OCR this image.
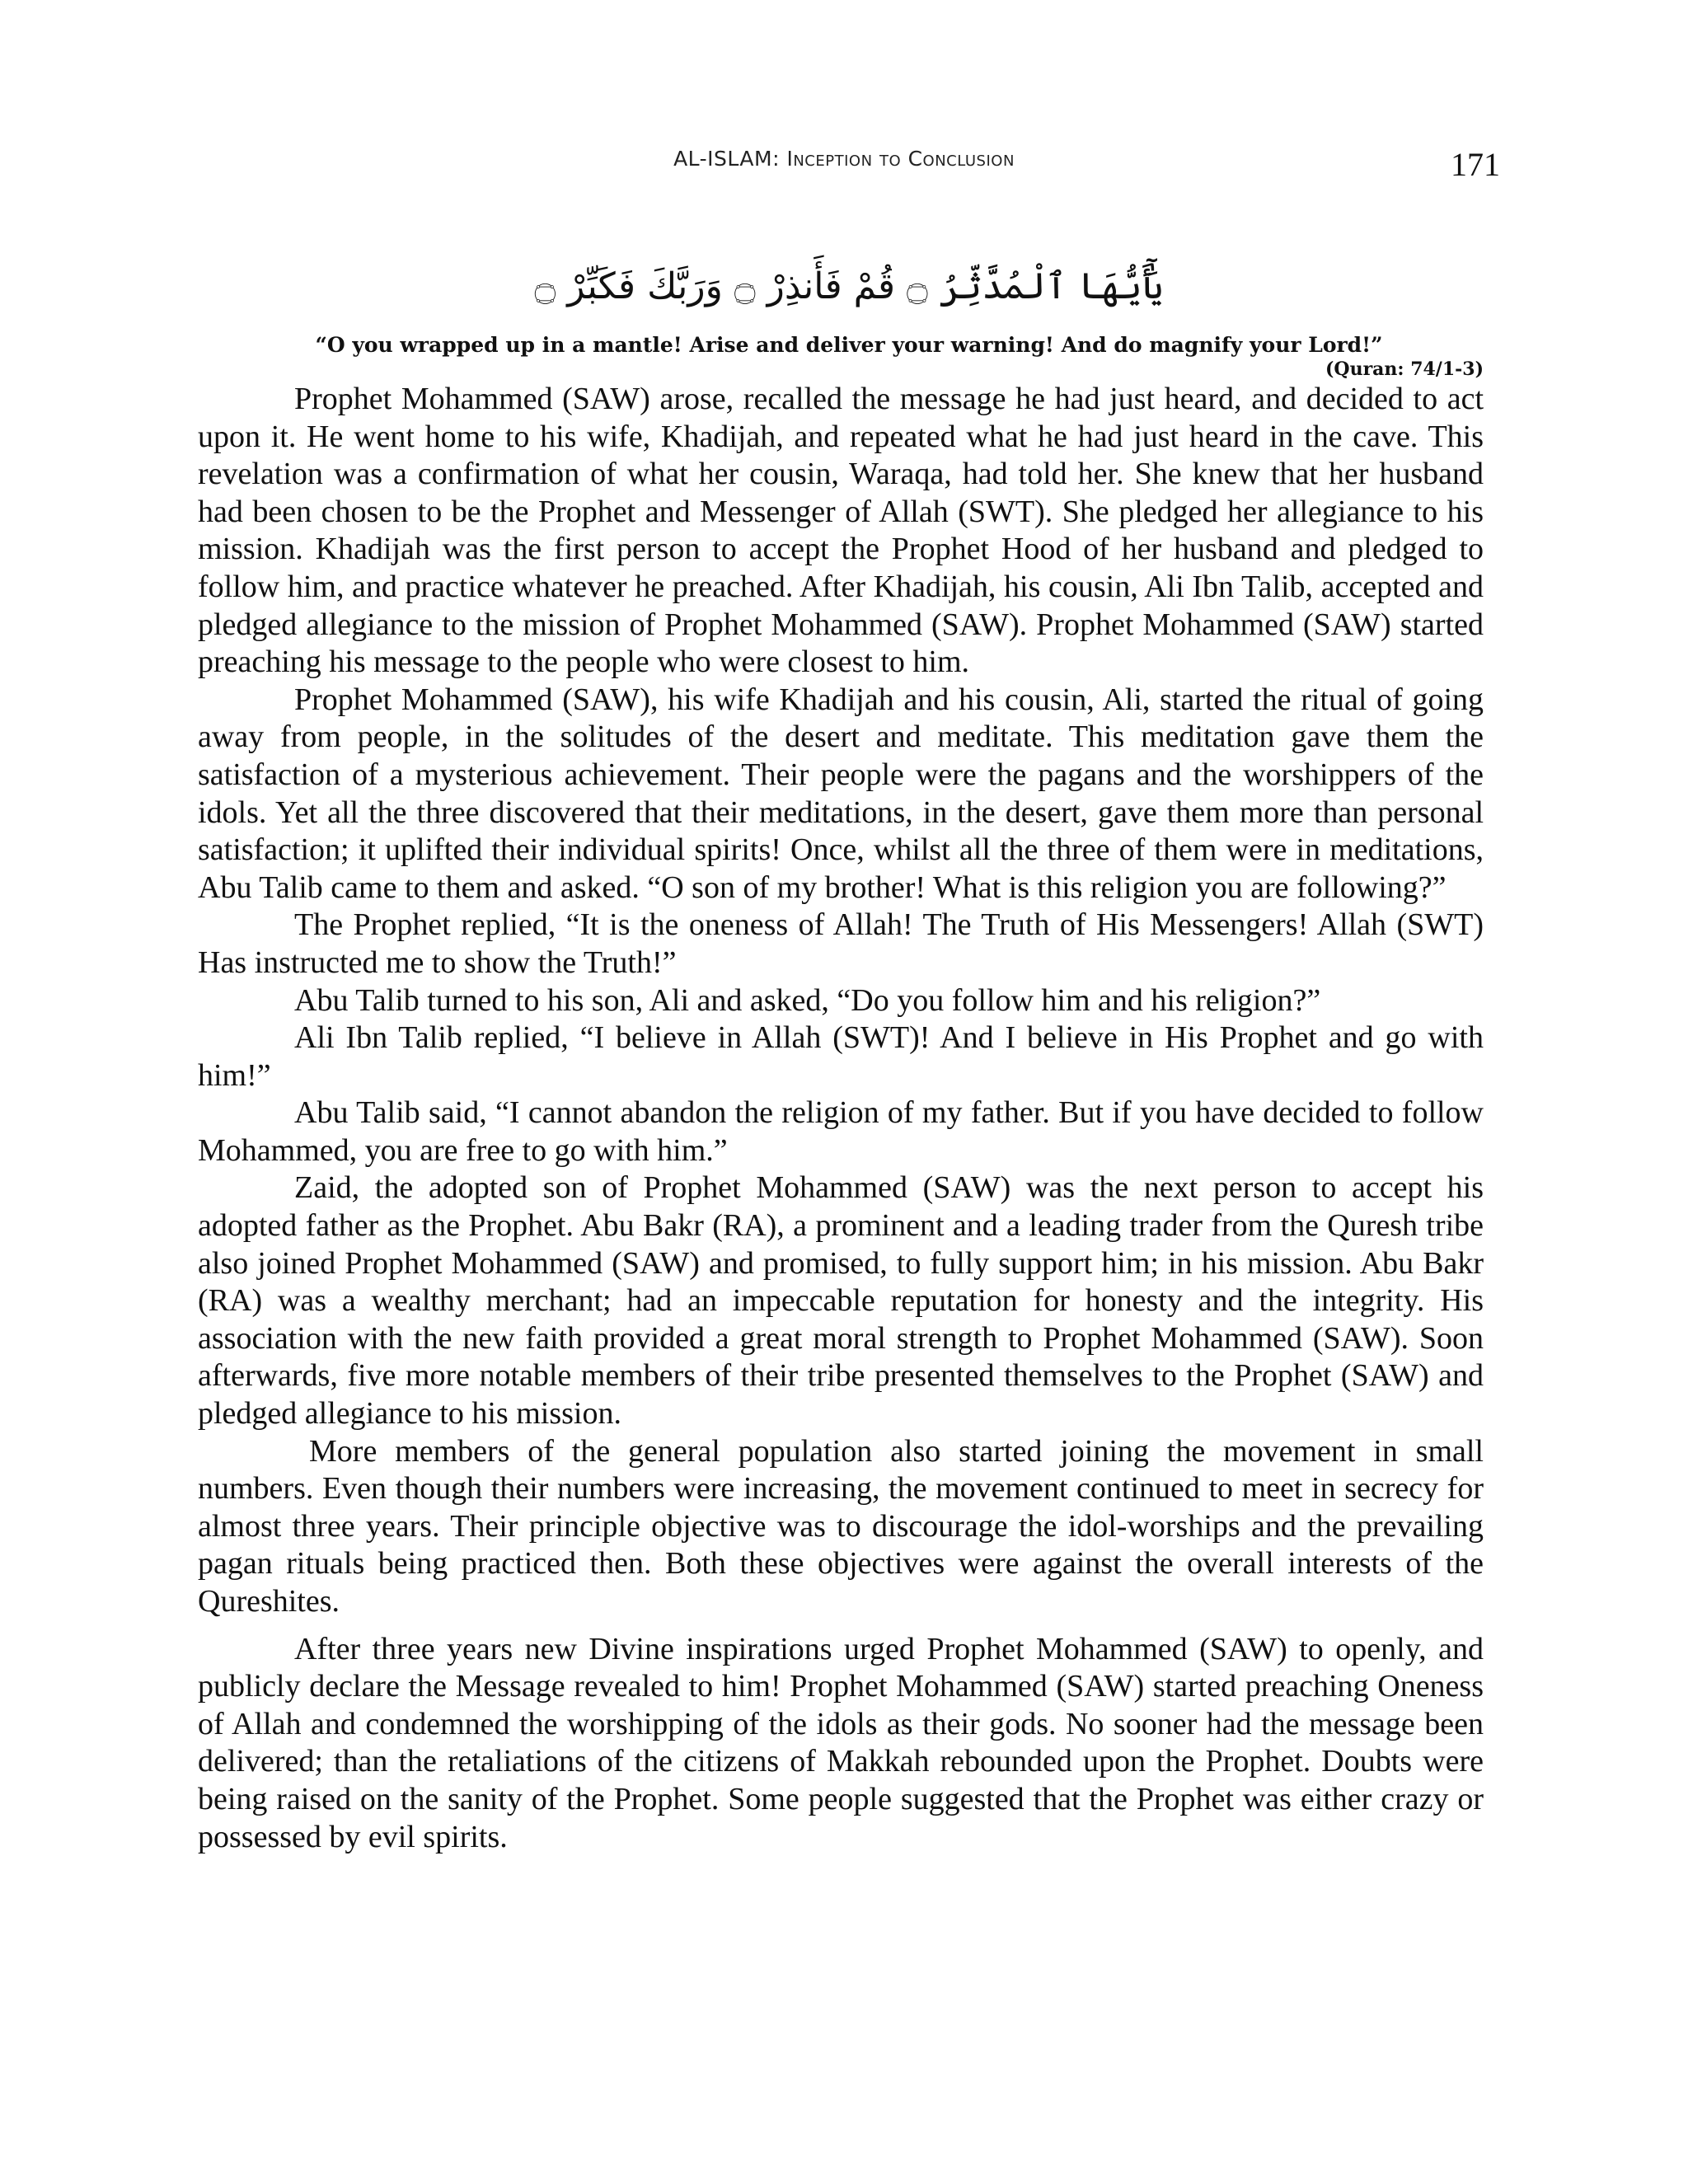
AL-ISLAM: Inception to Conclusion	171
يَٰٓأَيُّهَا ٱلْمُدَّثِّرُ ۝ قُمْ فَأَنذِرْ ۝ وَرَبَّكَ فَكَبِّرْ ۝
“O you wrapped up in a mantle! Arise and deliver your warning! And do magnify your Lord!”
(Quran: 74/1-3)

Prophet Mohammed (SAW) arose, recalled the message he had just heard, and decided to act upon it. He went home to his wife, Khadijah, and repeated what he had just heard in the cave. This revelation was a confirmation of what her cousin, Waraqa, had told her. She knew that her husband had been chosen to be the Prophet and Messenger of Allah (SWT). She pledged her allegiance to his mission. Khadijah was the first person to accept the Prophet Hood of her husband and pledged to follow him, and practice whatever he preached. After Khadijah, his cousin, Ali Ibn Talib, accepted and pledged allegiance to the mission of Prophet Mohammed (SAW). Prophet Mohammed (SAW) started preaching his message to the people who were closest to him.

Prophet Mohammed (SAW), his wife Khadijah and his cousin, Ali, started the ritual of going away from people, in the solitudes of the desert and meditate. This meditation gave them the satisfaction of a mysterious achievement. Their people were the pagans and the worshippers of the idols. Yet all the three discovered that their meditations, in the desert, gave them more than personal satisfaction; it uplifted their individual spirits! Once, whilst all the three of them were in meditations, Abu Talib came to them and asked. “O son of my brother! What is this religion you are following?”

The Prophet replied, “It is the oneness of Allah! The Truth of His Messengers! Allah (SWT) Has instructed me to show the Truth!”

Abu Talib turned to his son, Ali and asked, “Do you follow him and his religion?”

Ali Ibn Talib replied, “I believe in Allah (SWT)! And I believe in His Prophet and go with him!”

Abu Talib said, “I cannot abandon the religion of my father. But if you have decided to follow Mohammed, you are free to go with him.”

Zaid, the adopted son of Prophet Mohammed (SAW) was the next person to accept his adopted father as the Prophet. Abu Bakr (RA), a prominent and a leading trader from the Quresh tribe also joined Prophet Mohammed (SAW) and promised, to fully support him; in his mission. Abu Bakr (RA) was a wealthy merchant; had an impeccable reputation for honesty and the integrity. His association with the new faith provided a great moral strength to Prophet Mohammed (SAW). Soon afterwards, five more notable members of their tribe presented themselves to the Prophet (SAW) and pledged allegiance to his mission.

More members of the general population also started joining the movement in small numbers. Even though their numbers were increasing, the movement continued to meet in secrecy for almost three years. Their principle objective was to discourage the idol-worships and the prevailing pagan rituals being practiced then. Both these objectives were against the overall interests of the Qureshites.

After three years new Divine inspirations urged Prophet Mohammed (SAW) to openly, and publicly declare the Message revealed to him! Prophet Mohammed (SAW) started preaching Oneness of Allah and condemned the worshipping of the idols as their gods. No sooner had the message been delivered; than the retaliations of the citizens of Makkah rebounded upon the Prophet. Doubts were being raised on the sanity of the Prophet. Some people suggested that the Prophet was either crazy or possessed by evil spirits.
